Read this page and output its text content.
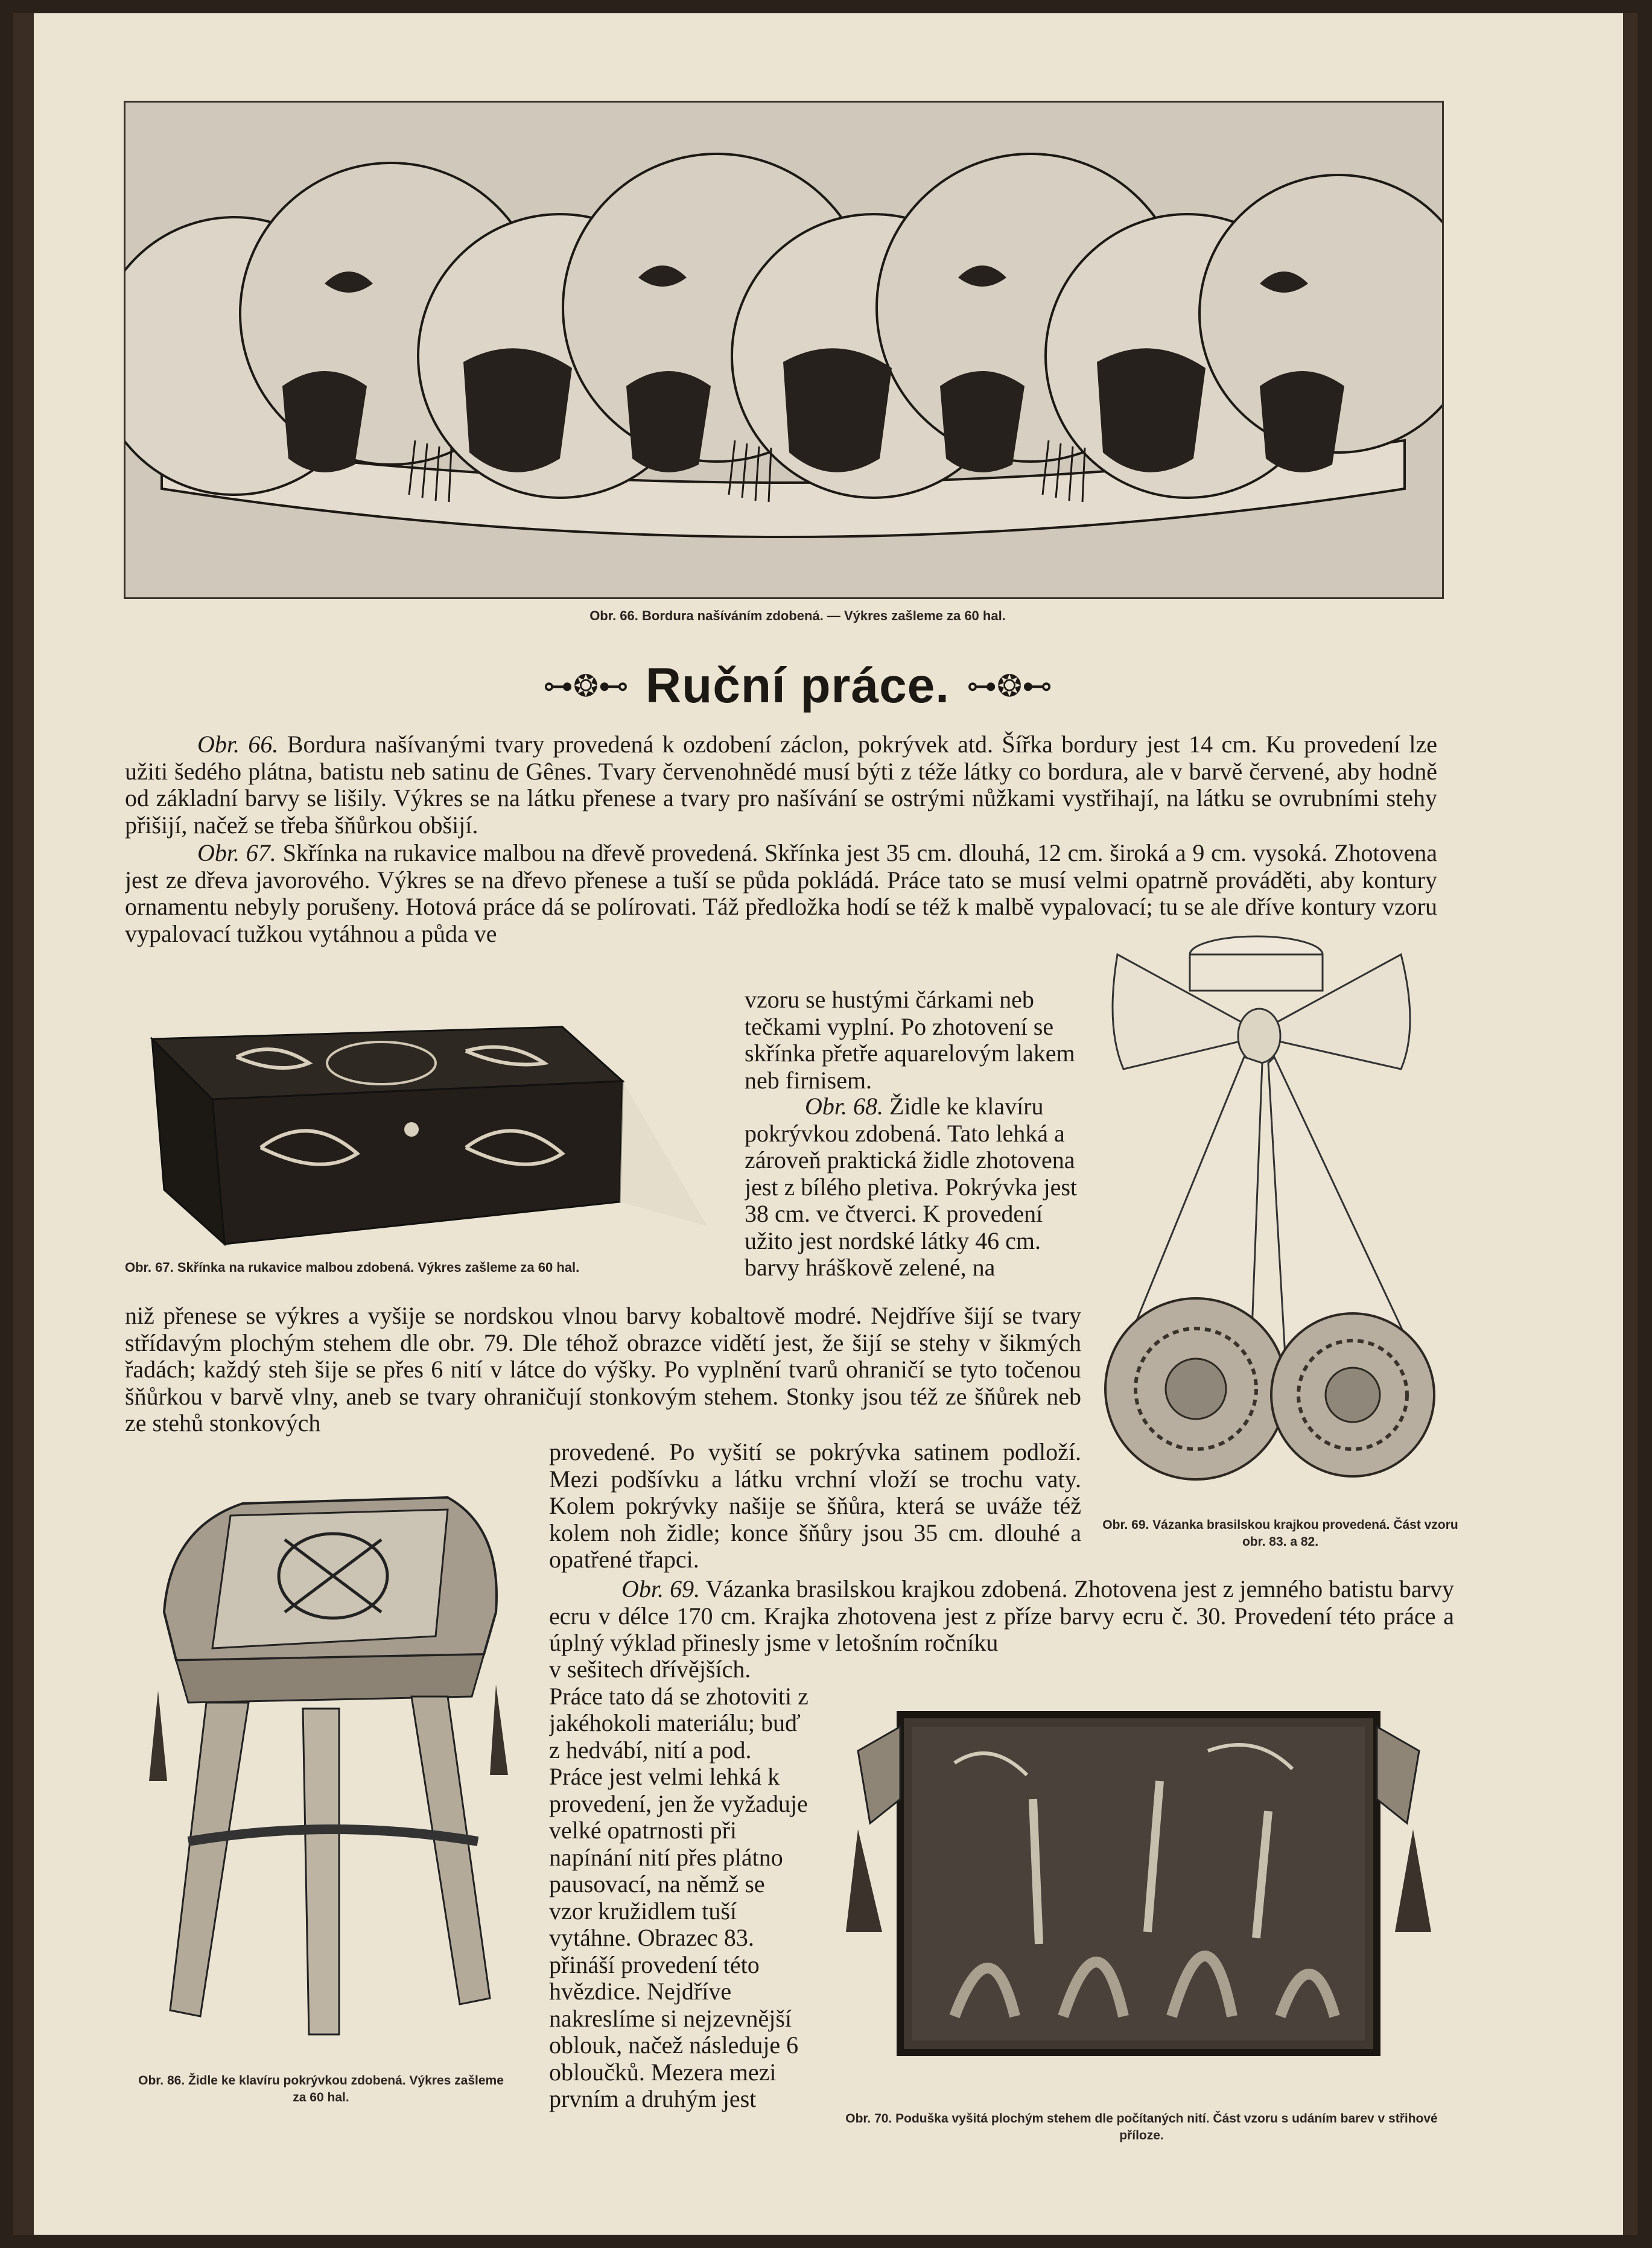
Obr. 66. Bordura našíváním zdobená. — Výkres zašleme za 60 hal.
⊶❂⊷ Ruční práce. ⊶❂⊷

Obr. 66. Bordura našívanými tvary provedená k ozdobení záclon, pokrývek atd. Šířka bordury jest 14 cm. Ku provedení lze užiti šedého plátna, batistu neb satinu de Gênes. Tvary červenohnědé musí býti z téže látky co bordura, ale v barvě červené, aby hodně od základní barvy se lišily. Výkres se na látku přenese a tvary pro našívání se ostrými nůžkami vystřihají, na látku se ovrubními stehy přišijí, načež se třeba šňůrkou obšijí.

Obr. 67. Skřínka na rukavice malbou na dřevě provedená. Skřínka jest 35 cm. dlouhá, 12 cm. široká a 9 cm. vysoká. Zhotovena jest ze dřeva javorového. Výkres se na dřevo přenese a tuší se půda pokládá. Práce tato se musí velmi opatrně prováděti, aby kontury ornamentu nebyly porušeny. Hotová práce dá se polírovati. Táž předložka hodí se též k malbě vypalovací; tu se ale dříve kontury vzoru vypalovací tužkou vytáhnou a půda ve

Obr. 67. Skřínka na rukavice malbou zdobená. Výkres zašleme za 60 hal.

vzoru se hustými čárkami neb tečkami vyplní. Po zhotovení se skřínka přetře aquarelovým lakem neb firnisem.

Obr. 68. Židle ke klavíru pokrývkou zdobená. Tato lehká a zároveň praktická židle zhotovena jest z bílého pletiva. Pokrývka jest 38 cm. ve čtverci. K provedení užito jest nordské látky 46 cm. barvy hráškově zelené, na

Obr. 69. Vázanka brasilskou krajkou provedená. Část vzoru obr. 83. a 82.

niž přenese se výkres a vyšije se nordskou vlnou barvy kobaltově modré. Nejdříve šijí se tvary střídavým plochým stehem dle obr. 79. Dle téhož obrazce vidětí jest, že šijí se stehy v šikmých řadách; každý steh šije se přes 6 nití v látce do výšky. Po vyplnění tvarů ohraničí se tyto točenou šňůrkou v barvě vlny, aneb se tvary ohraničují stonkovým stehem. Stonky jsou též ze šňůrek neb ze stehů stonkových

provedené. Po vyšití se pokrývka satinem podloží. Mezi podšívku a látku vrchní vloží se trochu vaty. Kolem pokrývky našije se šňůra, která se uváže též kolem noh židle; konce šňůry jsou 35 cm. dlouhé a opatřené třapci.

Obr. 86. Židle ke klavíru pokrývkou zdobená. Výkres zašleme za 60 hal.

Obr. 69. Vázanka brasilskou krajkou zdobená. Zhotovena jest z jemného batistu barvy ecru v délce 170 cm. Krajka zhotovena jest z příze barvy ecru č. 30. Provedení této práce a úplný výklad přinesly jsme v letošním ročníku

v sešitech dřívějších. Práce tato dá se zhotoviti z jakéhokoli materiálu; buď z hedvábí, nití a pod. Práce jest velmi lehká k provedení, jen že vyžaduje velké opatrnosti při napínání nití přes plátno pausovací, na němž se vzor kružidlem tuší vytáhne. Obrazec 83. přináší provedení této hvězdice. Nejdříve nakreslíme si nejzevnější oblouk, načež následuje 6 obloučků. Mezera mezi prvním a druhým jest

Obr. 70. Poduška vyšitá plochým stehem dle počítaných nití. Část vzoru s udáním barev v střihové příloze.
